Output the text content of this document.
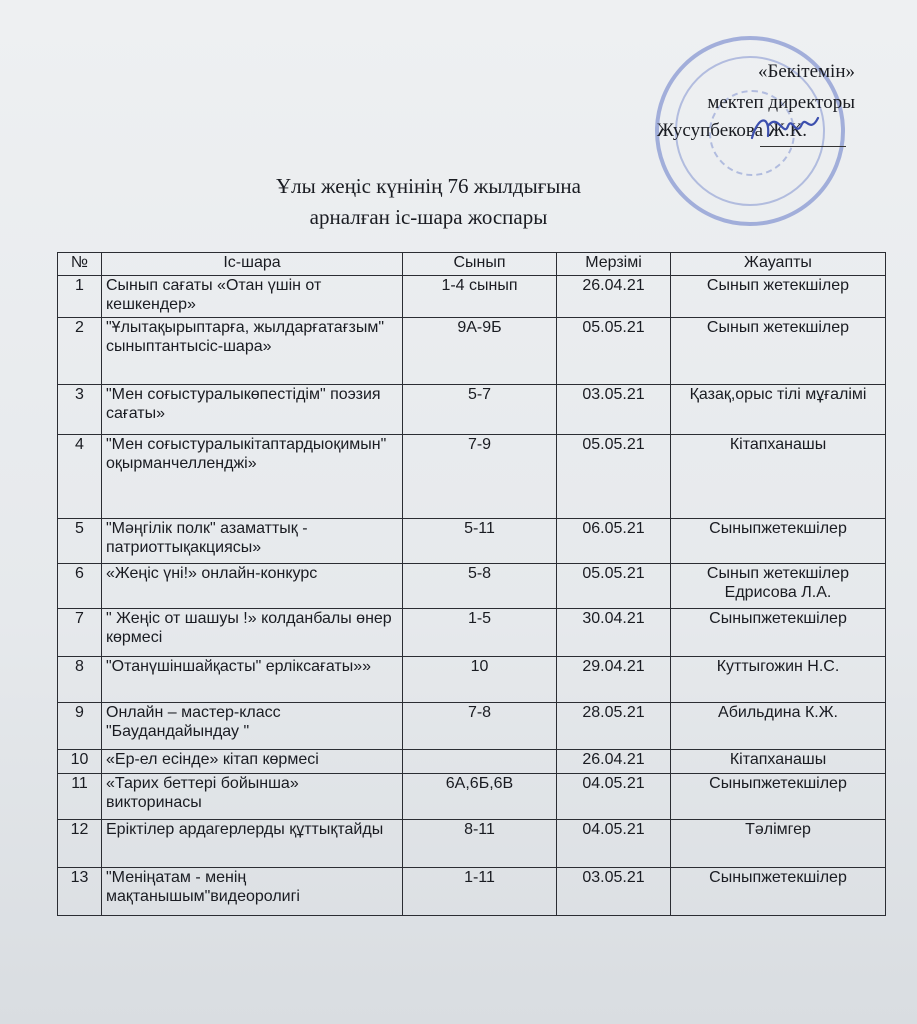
«Бекітемін»
мектеп директоры
Жусупбекова Ж.К.
Ұлы жеңіс күнінің 76 жылдығына
арналған іс-шара жоспары
№	Іс-шара	Сынып	Мерзімі	Жауапты
1	Сынып сағаты «Отан үшін от кешкендер»	1-4 сынып	26.04.21	Сынып жетекшілер
2	"Ұлытақырыптарға, жылдарғатағзым" сыныптантысіс-шара»	9А-9Б	05.05.21	Сынып жетекшілер
3	"Мен соғыстуралыкөпестідім" поэзия сағаты»	5-7	03.05.21	Қазақ,орыс тілі мұғалімі
4	"Мен соғыстуралыкітаптардыоқимын" оқырманчелленджі»	7-9	05.05.21	Кітапханашы
5	"Мәңгілік полк" азаматтық - патриоттықакциясы»	5-11	06.05.21	Сыныпжетекшілер
6	«Жеңіс үні!» онлайн-конкурс	5-8	05.05.21	Сынып жетекшілер Едрисова Л.А.
7	" Жеңіс от шашуы !» колданбалы өнер көрмесі	1-5	30.04.21	Сыныпжетекшілер
8	"Отанүшіншайқасты" ерліксағаты»»	10	29.04.21	Куттыгожин Н.С.
9	Онлайн – мастер-класс "Баудандайындау "	7-8	28.05.21	Абильдина К.Ж.
10	«Ер-ел есінде» кітап көрмесі		26.04.21	Кітапханашы
11	«Тарих беттері бойынша» викторинасы	6А,6Б,6В	04.05.21	Сыныпжетекшілер
12	Еріктілер ардагерлерды құттықтайды	8-11	04.05.21	Тәлімгер
13	"Меніңатам - менің мақтанышым"видеоролигі	1-11	03.05.21	Сыныпжетекшілер
